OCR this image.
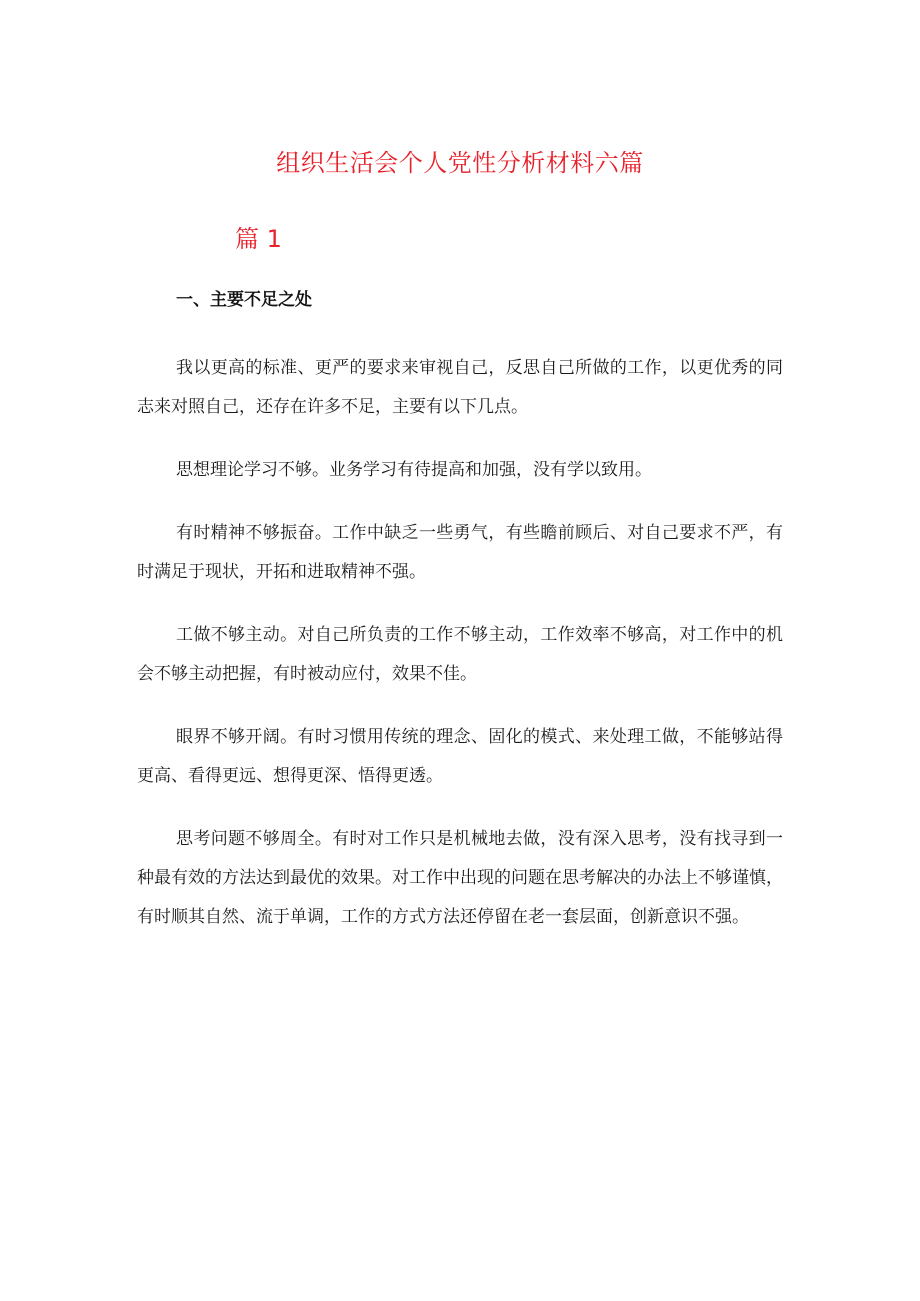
组织生活会个人党性分析材料六篇
篇 1
一、主要不足之处

我以更高的标准、更严的要求来审视自己，反思自己所做的工作，以更优秀的同志来对照自己，还存在许多不足，主要有以下几点。

思想理论学习不够。业务学习有待提高和加强，没有学以致用。

有时精神不够振奋。工作中缺乏一些勇气，有些瞻前顾后、对自己要求不严，有时满足于现状，开拓和进取精神不强。

工做不够主动。对自己所负责的工作不够主动，工作效率不够高，对工作中的机会不够主动把握，有时被动应付，效果不佳。

眼界不够开阔。有时习惯用传统的理念、固化的模式、来处理工做，不能够站得更高、看得更远、想得更深、悟得更透。

思考问题不够周全。有时对工作只是机械地去做，没有深入思考，没有找寻到一种最有效的方法达到最优的效果。对工作中出现的问题在思考解决的办法上不够谨慎，有时顺其自然、流于单调，工作的方式方法还停留在老一套层面，创新意识不强。
